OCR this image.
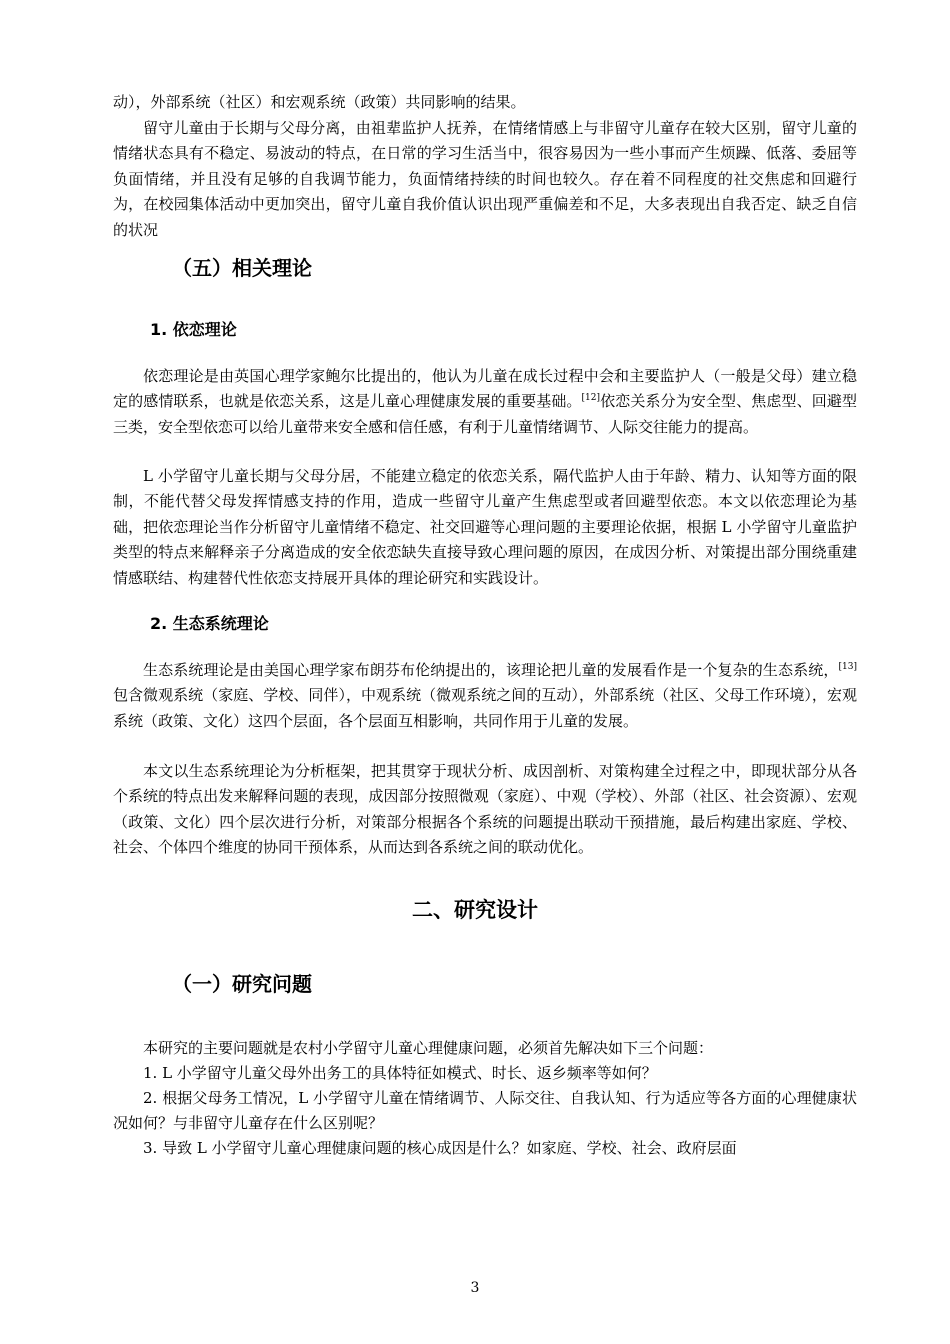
动），外部系统（社区）和宏观系统（政策）共同影响的结果。

留守儿童由于长期与父母分离，由祖辈监护人抚养，在情绪情感上与非留守儿童存在较大区别，留守儿童的情绪状态具有不稳定、易波动的特点，在日常的学习生活当中，很容易因为一些小事而产生烦躁、低落、委屈等负面情绪，并且没有足够的自我调节能力，负面情绪持续的时间也较久。存在着不同程度的社交焦虑和回避行为，在校园集体活动中更加突出，留守儿童自我价值认识出现严重偏差和不足，大多表现出自我否定、缺乏自信的状况

（五）相关理论
1. 依恋理论

依恋理论是由英国心理学家鲍尔比提出的，他认为儿童在成长过程中会和主要监护人（一般是父母）建立稳定的感情联系，也就是依恋关系，这是儿童心理健康发展的重要基础。[12]依恋关系分为安全型、焦虑型、回避型三类，安全型依恋可以给儿童带来安全感和信任感，有利于儿童情绪调节、人际交往能力的提高。

L 小学留守儿童长期与父母分居，不能建立稳定的依恋关系，隔代监护人由于年龄、精力、认知等方面的限制，不能代替父母发挥情感支持的作用，造成一些留守儿童产生焦虑型或者回避型依恋。本文以依恋理论为基础，把依恋理论当作分析留守儿童情绪不稳定、社交回避等心理问题的主要理论依据，根据 L 小学留守儿童监护类型的特点来解释亲子分离造成的安全依恋缺失直接导致心理问题的原因，在成因分析、对策提出部分围绕重建情感联结、构建替代性依恋支持展开具体的理论研究和实践设计。

2. 生态系统理论

生态系统理论是由美国心理学家布朗芬布伦纳提出的，该理论把儿童的发展看作是一个复杂的生态系统，[13]包含微观系统（家庭、学校、同伴），中观系统（微观系统之间的互动），外部系统（社区、父母工作环境），宏观系统（政策、文化）这四个层面，各个层面互相影响，共同作用于儿童的发展。

本文以生态系统理论为分析框架，把其贯穿于现状分析、成因剖析、对策构建全过程之中，即现状部分从各个系统的特点出发来解释问题的表现，成因部分按照微观（家庭）、中观（学校）、外部（社区、社会资源）、宏观（政策、文化）四个层次进行分析，对策部分根据各个系统的问题提出联动干预措施，最后构建出家庭、学校、社会、个体四个维度的协同干预体系，从而达到各系统之间的联动优化。

二、研究设计
（一）研究问题

本研究的主要问题就是农村小学留守儿童心理健康问题，必须首先解决如下三个问题：

1. L 小学留守儿童父母外出务工的具体特征如模式、时长、返乡频率等如何？

2. 根据父母务工情况，L 小学留守儿童在情绪调节、人际交往、自我认知、行为适应等各方面的心理健康状况如何？与非留守儿童存在什么区别呢？

3. 导致 L 小学留守儿童心理健康问题的核心成因是什么？如家庭、学校、社会、政府层面

3
